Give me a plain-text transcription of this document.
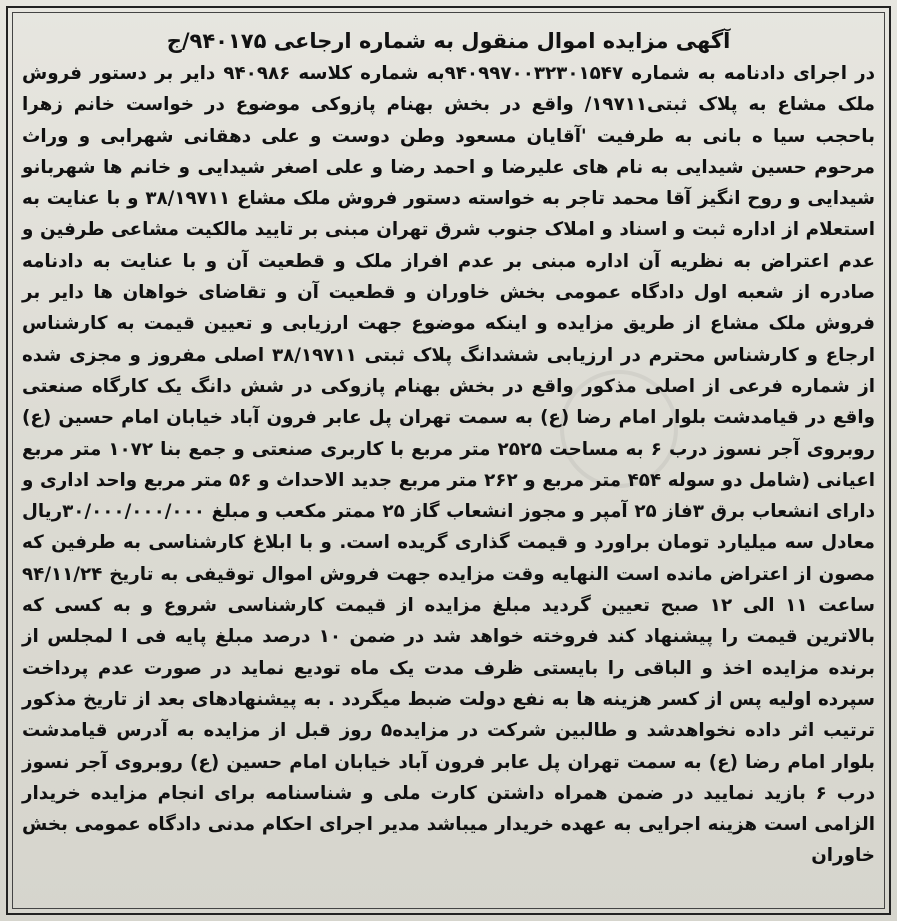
آگهی مزایده اموال منقول به شماره ارجاعی ۹۴۰۱۷۵/ج

در اجرای دادنامه به شماره ۹۴۰۹۹۷۰۰۳۲۳۰۱۵۴۷به شماره کلاسه ۹۴۰۹۸۶ دایر بر دستور فروش ملک مشاع به پلاک ثبتی۱۹۷۱۱/ واقع در بخش بهنام پازوکی موضوع در خواست خانم زهرا باحجب سیا ه بانی به طرفیت 'آقایان مسعود وطن دوست و علی دهقانی شهرابی و وراث مرحوم حسین شیدایی به نام های علیرضا و احمد رضا و علی اصغر شیدایی و خانم ها شهربانو شیدایی و روح انگیز آقا محمد تاجر به خواسته دستور فروش ملک مشاع ۳۸/۱۹۷۱۱ و با عنایت به استعلام از اداره ثبت و اسناد و املاک جنوب شرق تهران مبنی بر تایید مالکیت مشاعی طرفین و عدم اعتراض به نظریه آن اداره مبنی بر عدم افراز ملک و قطعیت آن و با عنایت به دادنامه صادره از شعبه اول دادگاه عمومی بخش خاوران و قطعیت آن و تقاضای خواهان ها دایر بر فروش ملک مشاع از طریق مزایده و اینکه موضوع جهت ارزیابی و تعیین قیمت به کارشناس ارجاع و کارشناس محترم در ارزیابی ششدانگ پلاک ثبتی ۳۸/۱۹۷۱۱ اصلی مفروز و مجزی شده از شماره فرعی از اصلی مذکور واقع در بخش بهنام پازوکی در شش دانگ یک کارگاه صنعتی واقع در قیامدشت بلوار امام رضا (ع) به سمت تهران پل عابر فرون آباد خیابان امام حسین (ع) روبروی آجر نسوز درب ۶ به مساحت ۲۵۲۵ متر مربع با کاربری صنعتی و جمع بنا ۱۰۷۲ متر مربع اعیانی (شامل دو سوله ۴۵۴ متر مربع و ۲۶۲ متر مربع جدید الاحداث و ۵۶ متر مربع واحد اداری و دارای انشعاب برق ۳فاز ۲۵ آمپر و مجوز انشعاب گاز ۲۵ ممتر مکعب و مبلغ ۳۰/۰۰۰/۰۰۰/۰۰۰ریال معادل سه میلیارد تومان براورد و قیمت گذاری گریده است. و با ابلاغ کارشناسی به طرفین که مصون از اعتراض مانده است النهایه وقت مزایده جهت فروش اموال توقیفی به تاریخ ۹۴/۱۱/۲۴ ساعت ۱۱ الی ۱۲ صبح تعیین گردید مبلغ مزایده از قیمت کارشناسی شروع و به کسی که بالاترین قیمت را پیشنهاد کند فروخته خواهد شد در ضمن ۱۰ درصد مبلغ پایه فی ا لمجلس از برنده مزایده اخذ و الباقی را بایستی ظرف مدت یک ماه تودیع نماید در صورت عدم پرداخت سپرده اولیه پس از کسر هزینه ها به نفع دولت ضبط میگردد . به پیشنهادهای بعد از تاریخ مذکور ترتیب اثر داده نخواهدشد و طالبین شرکت در مزایده۵ روز قبل از مزایده به آدرس قیامدشت بلوار امام رضا (ع) به سمت تهران پل عابر فرون آباد خیابان امام حسین (ع) روبروی آجر نسوز درب ۶ بازید نمایید در ضمن همراه داشتن کارت ملی و شناسنامه برای انجام مزایده خریدار الزامی است هزینه اجرایی به عهده خریدار میباشد مدیر اجرای احکام مدنی دادگاه عمومی بخش خاوران
